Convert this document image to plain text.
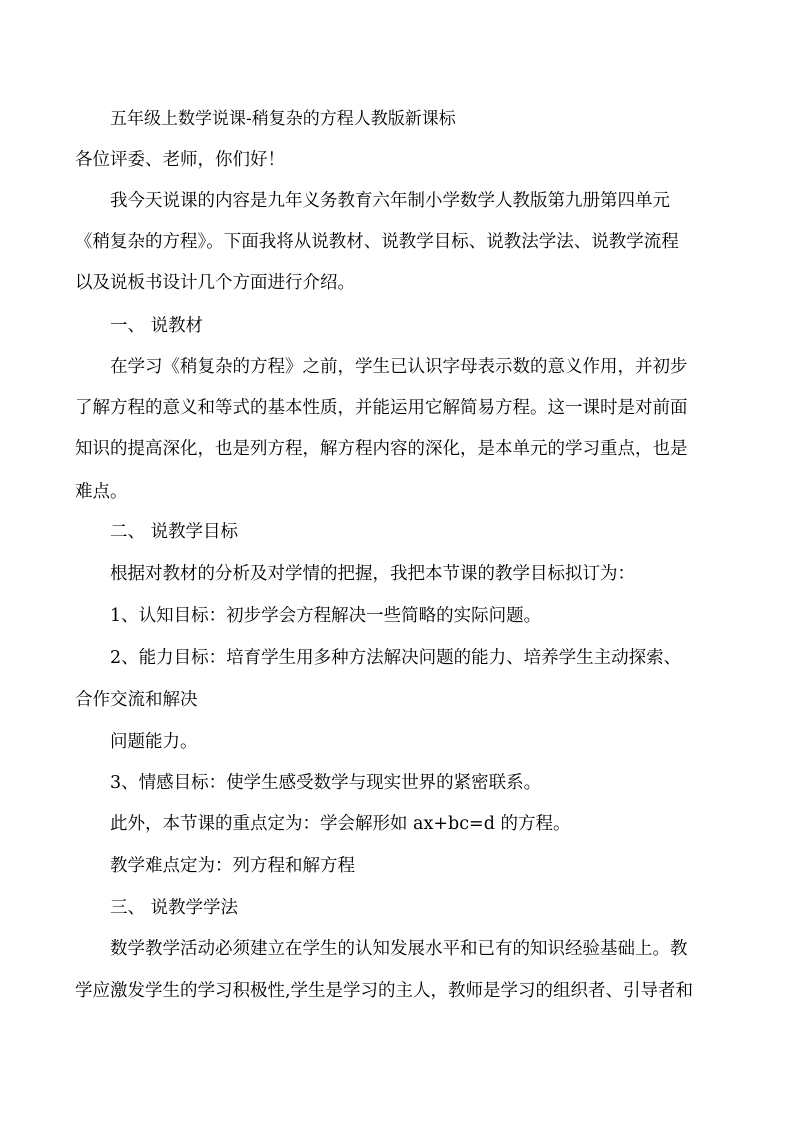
五年级上数学说课-稍复杂的方程人教版新课标

各位评委、老师，你们好！

我今天说课的内容是九年义务教育六年制小学数学人教版第九册第四单元

《稍复杂的方程》。下面我将从说教材、说教学目标、说教法学法、说教学流程

以及说板书设计几个方面进行介绍。

一、 说教材

在学习《稍复杂的方程》之前，学生已认识字母表示数的意义作用，并初步

了解方程的意义和等式的基本性质，并能运用它解简易方程。这一课时是对前面

知识的提高深化，也是列方程，解方程内容的深化，是本单元的学习重点，也是

难点。

二、 说教学目标

根据对教材的分析及对学情的把握，我把本节课的教学目标拟订为：

1、认知目标：初步学会方程解决一些简略的实际问题。

2、能力目标：培育学生用多种方法解决问题的能力、培养学生主动探索、

合作交流和解决

问题能力。

3、情感目标：使学生感受数学与现实世界的紧密联系。

此外，本节课的重点定为：学会解形如 ax+bc=d 的方程。

教学难点定为：列方程和解方程

三、 说教学学法

数学教学活动必须建立在学生的认知发展水平和已有的知识经验基础上。教

学应激发学生的学习积极性,学生是学习的主人，教师是学习的组织者、引导者和
